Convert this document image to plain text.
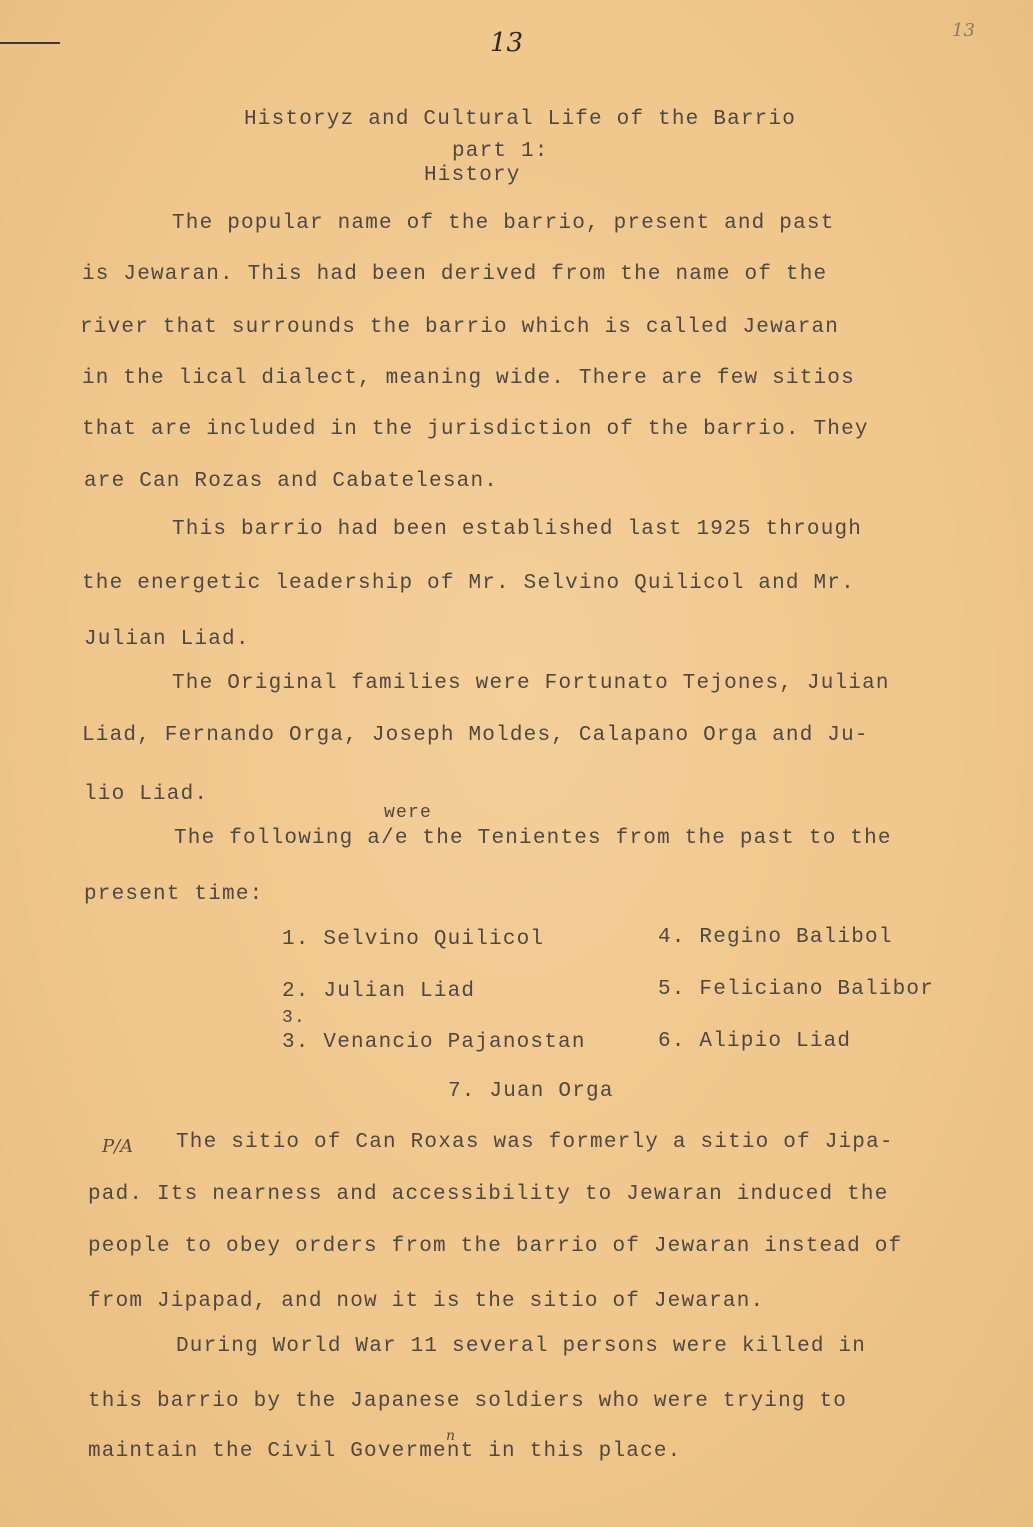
13	13
Historyz and Cultural Life of the Barrio
part 1:
History
The popular name of the barrio, present and past
is Jewaran. This had been derived from the name of the
river that surrounds the barrio which is called Jewaran
in the lical dialect, meaning wide. There are few sitios
that are included in the jurisdiction of the barrio. They
are Can Rozas and Cabatelesan.
This barrio had been established last 1925 through
the energetic leadership of Mr. Selvino Quilicol and Mr.
Julian Liad.
The Original families were Fortunato Tejones, Julian
Liad, Fernando Orga, Joseph Moldes, Calapano Orga and Ju-
lio Liad.
were
The following a/e the Tenientes from the past to the
present time:
1. Selvino Quilicol	4. Regino Balibol
2. Julian Liad	5. Feliciano Balibor
3.
3. Venancio Pajanostan	6. Alipio Liad
7. Juan Orga
P/A The sitio of Can Roxas was formerly a sitio of Jipa-
pad. Its nearness and accessibility to Jewaran induced the
people to obey orders from the barrio of Jewaran instead of
from Jipapad, and now it is the sitio of Jewaran.
During World War 11 several persons were killed in
this barrio by the Japanese soldiers who were trying to
n
maintain the Civil Goverment in this place.
